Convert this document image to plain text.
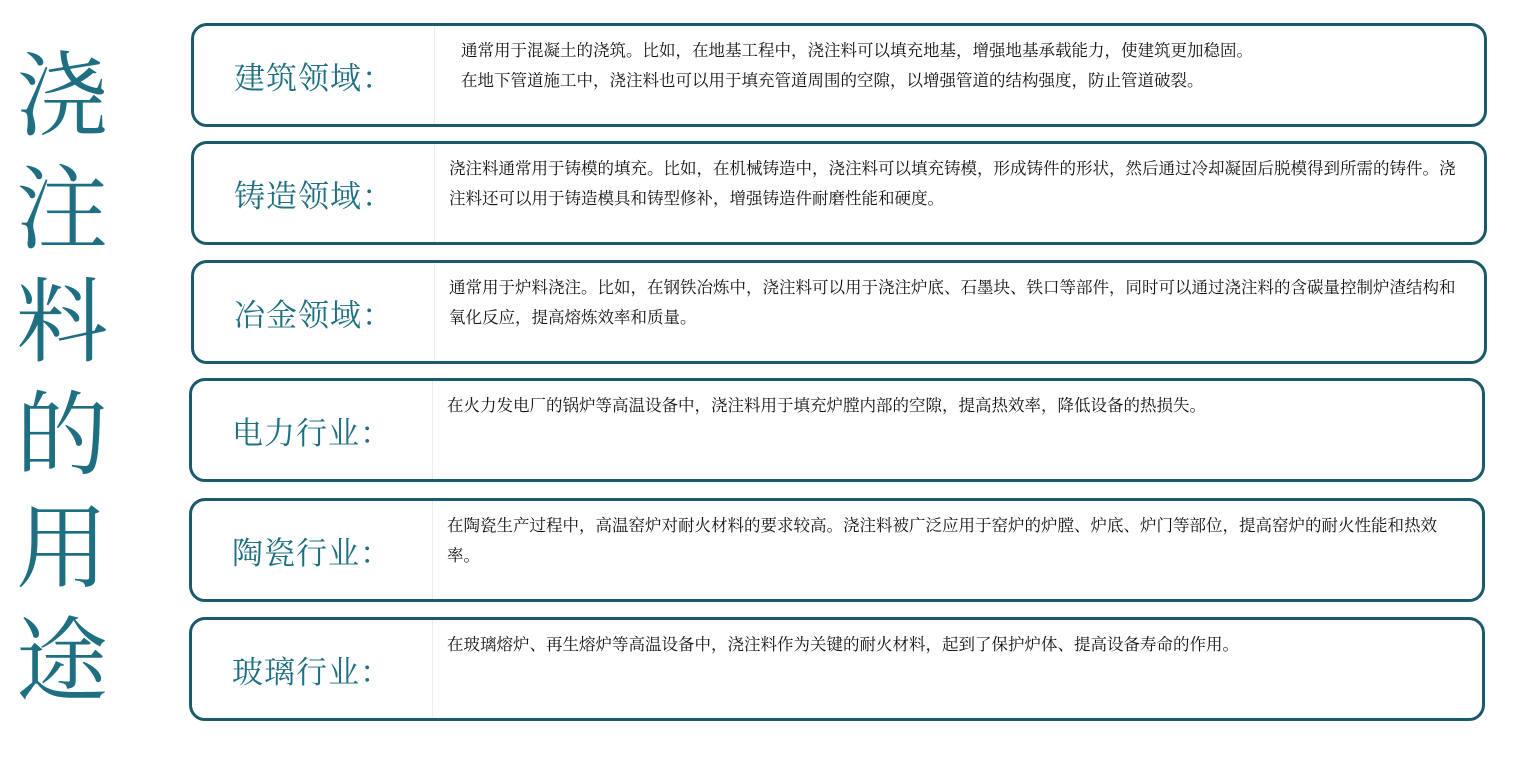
浇
注
料
的
用
途
建筑领域：
通常用于混凝土的浇筑。比如，在地基工程中，浇注料可以填充地基，增强地基承载能力，使建筑更加稳固。
在地下管道施工中，浇注料也可以用于填充管道周围的空隙，以增强管道的结构强度，防止管道破裂。
铸造领域：
浇注料通常用于铸模的填充。比如，在机械铸造中，浇注料可以填充铸模，形成铸件的形状，然后通过冷却凝固后脱模得到所需的铸件。浇注料还可以用于铸造模具和铸型修补，增强铸造件耐磨性能和硬度。
冶金领域：
通常用于炉料浇注。比如，在钢铁冶炼中，浇注料可以用于浇注炉底、石墨块、铁口等部件，同时可以通过浇注料的含碳量控制炉渣结构和氧化反应，提高熔炼效率和质量。
电力行业：
在火力发电厂的锅炉等高温设备中，浇注料用于填充炉膛内部的空隙，提高热效率，降低设备的热损失。
陶瓷行业：
在陶瓷生产过程中，高温窑炉对耐火材料的要求较高。浇注料被广泛应用于窑炉的炉膛、炉底、炉门等部位，提高窑炉的耐火性能和热效率。
玻璃行业：
在玻璃熔炉、再生熔炉等高温设备中，浇注料作为关键的耐火材料，起到了保护炉体、提高设备寿命的作用。
